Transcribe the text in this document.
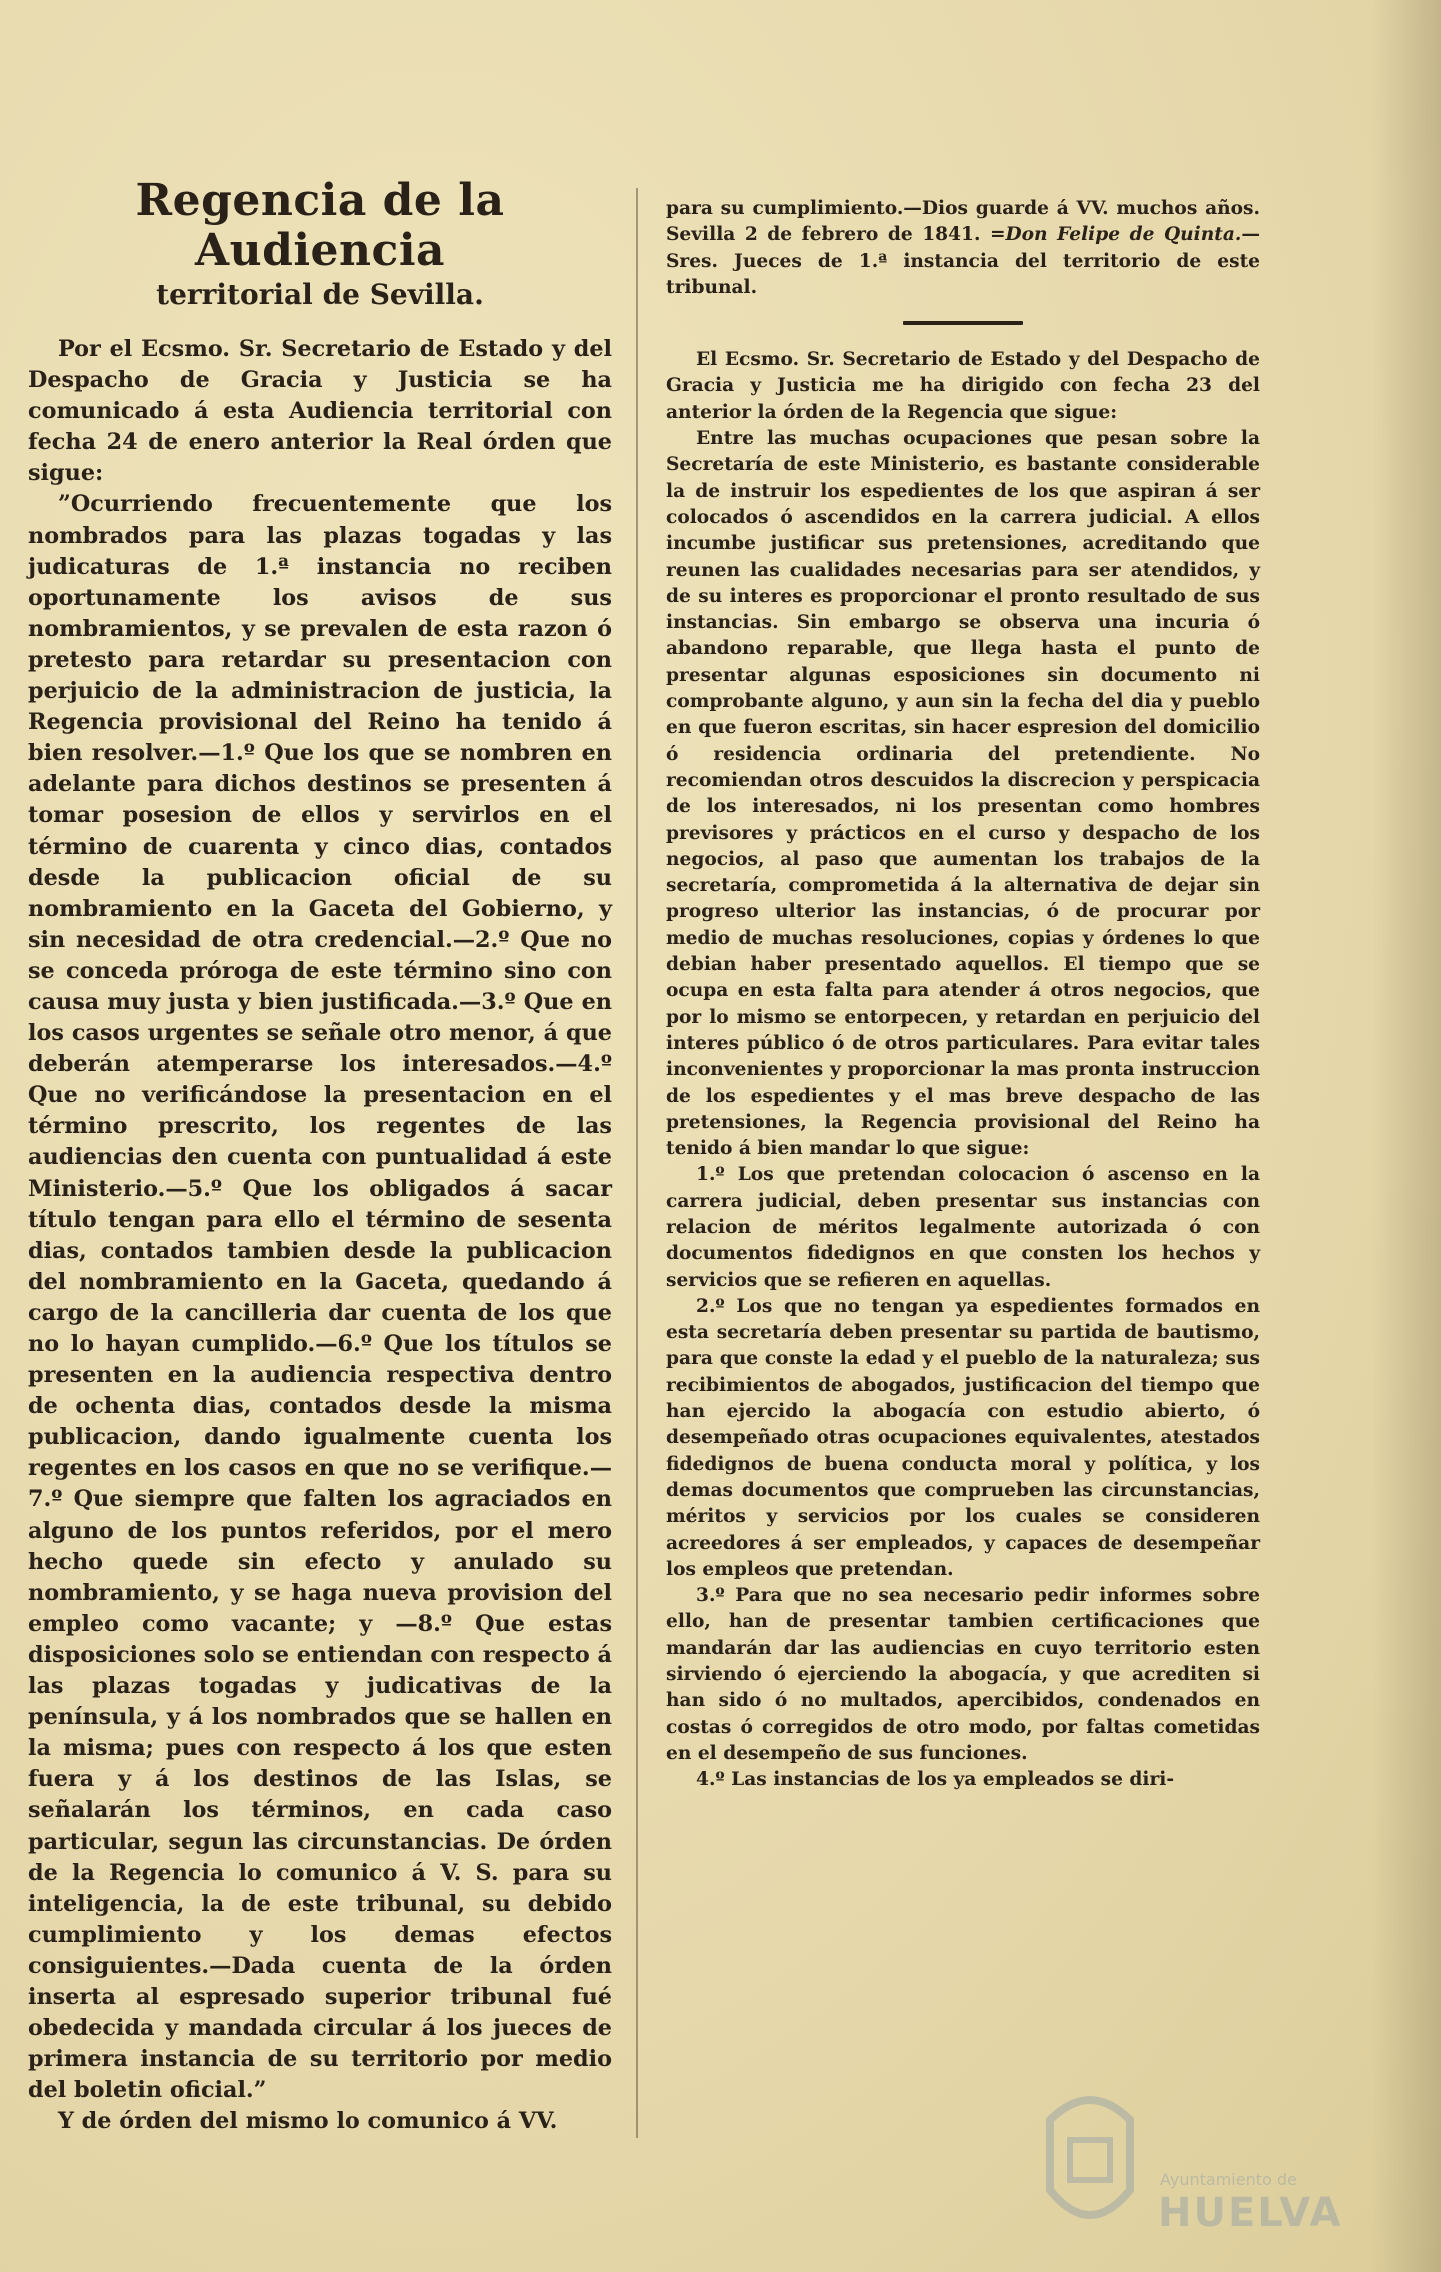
Regencia de la Audiencia
territorial de Sevilla.

Por el Ecsmo. Sr. Secretario de Estado y del Despacho de Gracia y Justicia se ha comunicado á esta Audiencia territorial con fecha 24 de enero anterior la Real órden que sigue:

”Ocurriendo frecuentemente que los nombrados para las plazas togadas y las judicaturas de 1.ª instancia no reciben oportunamente los avisos de sus nombramientos, y se prevalen de esta razon ó pretesto para retardar su presentacion con perjuicio de la administracion de justicia, la Regencia provisional del Reino ha tenido á bien resolver.—1.º Que los que se nombren en adelante para dichos destinos se presenten á tomar posesion de ellos y servirlos en el término de cuarenta y cinco dias, contados desde la publicacion oficial de su nombramiento en la Gaceta del Gobierno, y sin necesidad de otra credencial.—2.º Que no se conceda próroga de este término sino con causa muy justa y bien justificada.—3.º Que en los casos urgentes se señale otro menor, á que deberán atemperarse los interesados.—4.º Que no verificándose la presentacion en el término prescrito, los regentes de las audiencias den cuenta con puntualidad á este Ministerio.—5.º Que los obligados á sacar título tengan para ello el término de sesenta dias, contados tambien desde la publicacion del nombramiento en la Gaceta, quedando á cargo de la cancilleria dar cuenta de los que no lo hayan cumplido.—6.º Que los títulos se presenten en la audiencia respectiva dentro de ochenta dias, contados desde la misma publicacion, dando igualmente cuenta los regentes en los casos en que no se verifique.—7.º Que siempre que falten los agraciados en alguno de los puntos referidos, por el mero hecho quede sin efecto y anulado su nombramiento, y se haga nueva provision del empleo como vacante; y —8.º Que estas disposiciones solo se entiendan con respecto á las plazas togadas y judicativas de la península, y á los nombrados que se hallen en la misma; pues con respecto á los que esten fuera y á los destinos de las Islas, se señalarán los términos, en cada caso particular, segun las circunstancias. De órden de la Regencia lo comunico á V. S. para su inteligencia, la de este tribunal, su debido cumplimiento y los demas efectos consiguientes.—Dada cuenta de la órden inserta al espresado superior tribunal fué obedecida y mandada circular á los jueces de primera instancia de su territorio por medio del boletin oficial.”

Y de órden del mismo lo comunico á VV.

para su cumplimiento.—Dios guarde á VV. muchos años. Sevilla 2 de febrero de 1841. =Don Felipe de Quinta.—Sres. Jueces de 1.ª instancia del territorio de este tribunal.

El Ecsmo. Sr. Secretario de Estado y del Despacho de Gracia y Justicia me ha dirigido con fecha 23 del anterior la órden de la Regencia que sigue:

Entre las muchas ocupaciones que pesan sobre la Secretaría de este Ministerio, es bastante considerable la de instruir los espedientes de los que aspiran á ser colocados ó ascendidos en la carrera judicial. A ellos incumbe justificar sus pretensiones, acreditando que reunen las cualidades necesarias para ser atendidos, y de su interes es proporcionar el pronto resultado de sus instancias. Sin embargo se observa una incuria ó abandono reparable, que llega hasta el punto de presentar algunas esposiciones sin documento ni comprobante alguno, y aun sin la fecha del dia y pueblo en que fueron escritas, sin hacer espresion del domicilio ó residencia ordinaria del pretendiente. No recomiendan otros descuidos la discrecion y perspicacia de los interesados, ni los presentan como hombres previsores y prácticos en el curso y despacho de los negocios, al paso que aumentan los trabajos de la secretaría, comprometida á la alternativa de dejar sin progreso ulterior las instancias, ó de procurar por medio de muchas resoluciones, copias y órdenes lo que debian haber presentado aquellos. El tiempo que se ocupa en esta falta para atender á otros negocios, que por lo mismo se entorpecen, y retardan en perjuicio del interes público ó de otros particulares. Para evitar tales inconvenientes y proporcionar la mas pronta instruccion de los espedientes y el mas breve despacho de las pretensiones, la Regencia provisional del Reino ha tenido á bien mandar lo que sigue:

1.º Los que pretendan colocacion ó ascenso en la carrera judicial, deben presentar sus instancias con relacion de méritos legalmente autorizada ó con documentos fidedignos en que consten los hechos y servicios que se refieren en aquellas.

2.º Los que no tengan ya espedientes formados en esta secretaría deben presentar su partida de bautismo, para que conste la edad y el pueblo de la naturaleza; sus recibimientos de abogados, justificacion del tiempo que han ejercido la abogacía con estudio abierto, ó desempeñado otras ocupaciones equivalentes, atestados fidedignos de buena conducta moral y política, y los demas documentos que comprueben las circunstancias, méritos y servicios por los cuales se consideren acreedores á ser empleados, y capaces de desempeñar los empleos que pretendan.

3.º Para que no sea necesario pedir informes sobre ello, han de presentar tambien certificaciones que mandarán dar las audiencias en cuyo territorio esten sirviendo ó ejerciendo la abogacía, y que acrediten si han sido ó no multados, apercibidos, condenados en costas ó corregidos de otro modo, por faltas cometidas en el desempeño de sus funciones.

4.º Las instancias de los ya empleados se diri-

Ayuntamiento de
HUELVA
